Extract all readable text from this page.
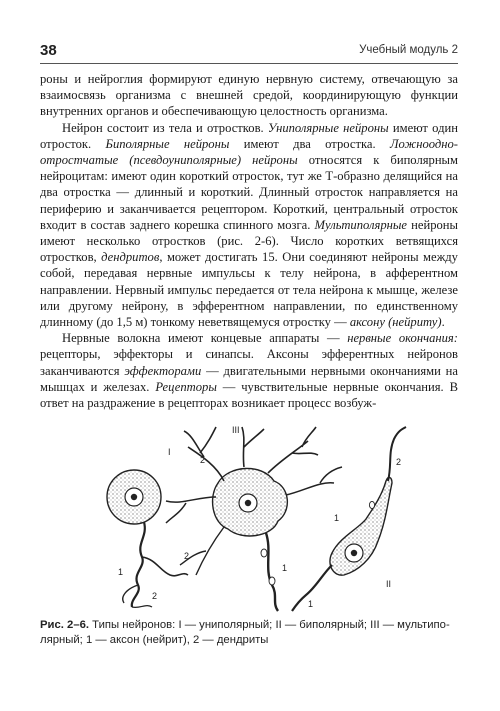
38	Учебный модуль 2

роны и нейроглия формируют единую нервную систему, отвечающую за взаимосвязь организма с внешней средой, координирующую функции внутренних органов и обеспечивающую целостность организма.

Нейрон состоит из тела и отростков. Униполярные нейроны имеют один отросток. Биполярные нейроны имеют два отростка. Ложноодноотростчатые (псевдоуниполярные) нейроны относятся к биполярным нейроцитам: имеют один короткий отросток, тут же Т-образно делящийся на два отростка — длинный и короткий. Длинный отросток направляется на периферию и заканчивается рецептором. Короткий, центральный отросток входит в состав заднего корешка спинного мозга. Мультиполярные нейроны имеют несколько отростков (рис. 2-6). Число коротких ветвящихся отростков, дендритов, может достигать 15. Они соединяют нейроны между собой, передавая нервные импульсы к телу нейрона, в афферентном направлении. Нервный импульс передается от тела нейрона к мышце, железе или другому нейрону, в эфферентном направлении, по единственному длинному (до 1,5 м) тонкому неветвящемуся отростку — аксону (нейриту).

Нервные волокна имеют концевые аппараты — нервные окончания: рецепторы, эффекторы и синапсы. Аксоны эфферентных нейронов заканчиваются эффекторами — двигательными нервными окончаниями на мышцах и железах. Рецепторы — чувствительные нервные окончания. В ответ на раздражение в рецепторах возникает процесс возбуж-

I
II
III
1
2
1
2
1
2
1
2
Рис. 2–6. Типы нейронов: I — униполярный; II — биполярный; III — мультиполярный; 1 — аксон (нейрит), 2 — дендриты
